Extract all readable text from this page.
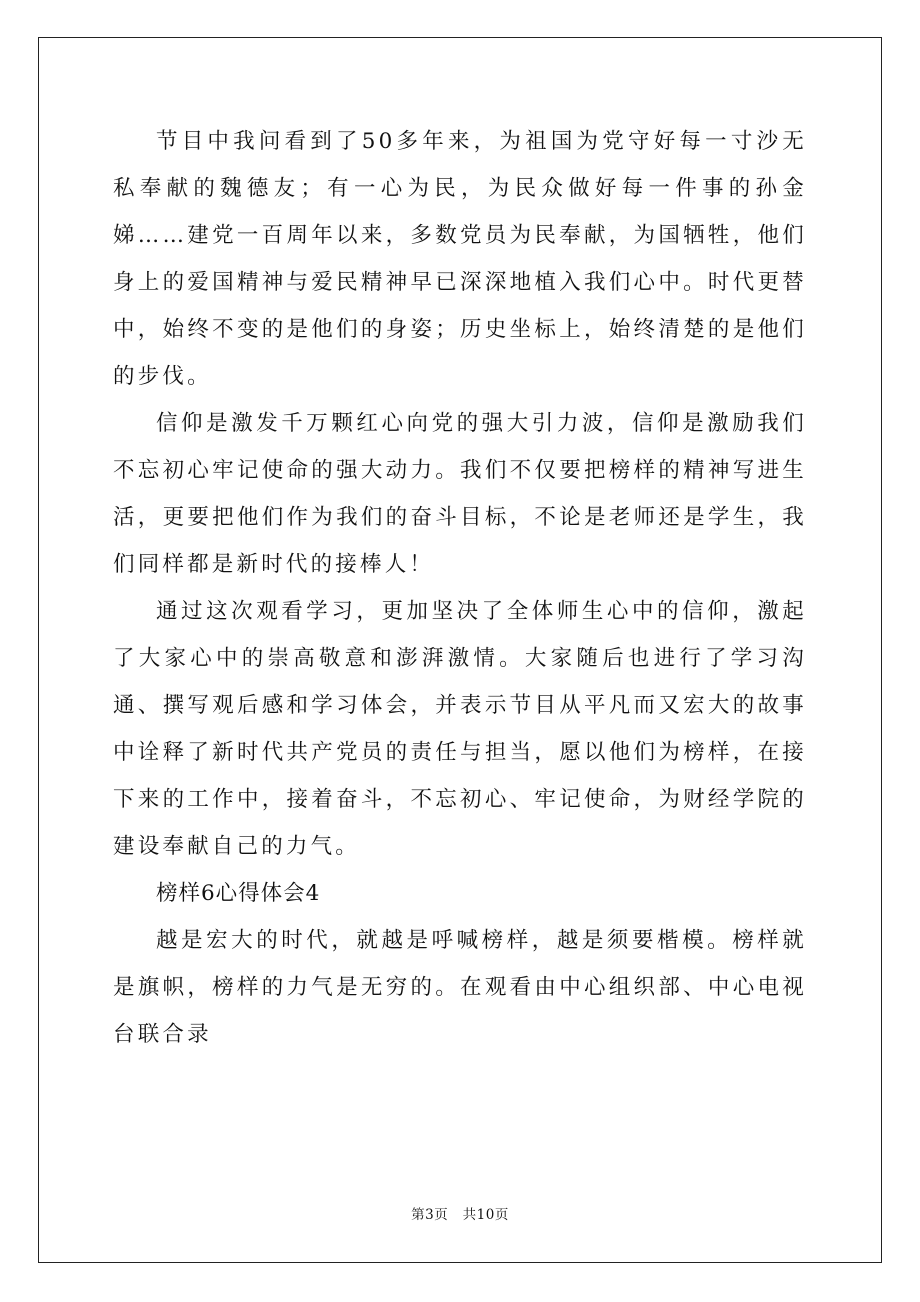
节目中我问看到了50多年来，为祖国为党守好每一寸沙无私奉献的魏德友；有一心为民，为民众做好每一件事的孙金娣……建党一百周年以来，多数党员为民奉献，为国牺牲，他们身上的爱国精神与爱民精神早已深深地植入我们心中。时代更替中，始终不变的是他们的身姿；历史坐标上，始终清楚的是他们的步伐。

信仰是激发千万颗红心向党的强大引力波，信仰是激励我们不忘初心牢记使命的强大动力。我们不仅要把榜样的精神写进生活，更要把他们作为我们的奋斗目标，不论是老师还是学生，我们同样都是新时代的接棒人！

通过这次观看学习，更加坚决了全体师生心中的信仰，激起了大家心中的崇高敬意和澎湃激情。大家随后也进行了学习沟通、撰写观后感和学习体会，并表示节目从平凡而又宏大的故事中诠释了新时代共产党员的责任与担当，愿以他们为榜样，在接下来的工作中，接着奋斗，不忘初心、牢记使命，为财经学院的建设奉献自己的力气。

榜样6心得体会4

越是宏大的时代，就越是呼喊榜样，越是须要楷模。榜样就是旗帜，榜样的力气是无穷的。在观看由中心组织部、中心电视台联合录

第3页   共10页
